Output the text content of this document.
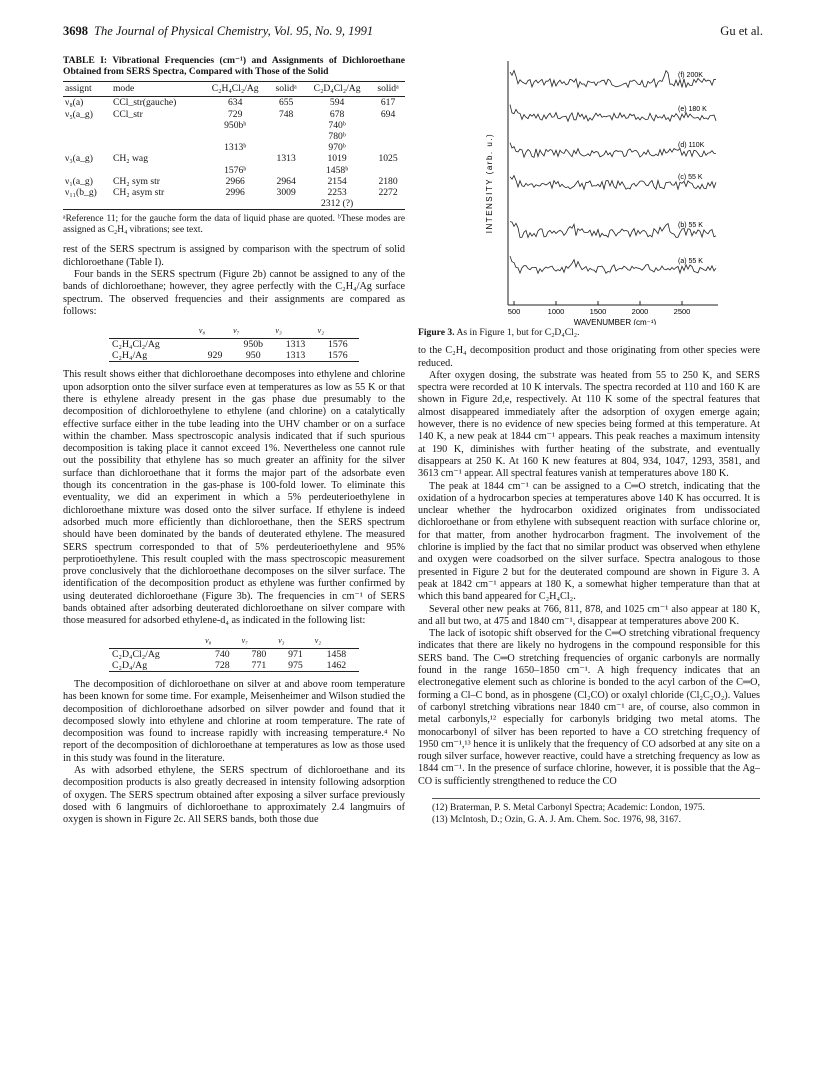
3698 The Journal of Physical Chemistry, Vol. 95, No. 9, 1991	Gu et al.
TABLE I: Vibrational Frequencies (cm⁻¹) and Assignments of Dichloroethane Obtained from SERS Spectra, Compared with Those of the Solid
assignt	mode	C₂H₄Cl₂/Ag	solidᵃ	C₂D₄Cl₂/Ag	solidᵃ
ν₈(a)	CCl_str(gauche)	634	655	594	617
ν₅(a_g)	CCl_str	729	748	678	694
		950bᵇ		740ᵇ	
				780ᵇ	
		1313ᵇ		970ᵇ	
ν₃(a_g)	CH₂ wag		1313	1019	1025
		1576ᵇ		1458ᵇ	
ν₁(a_g)	CH₂ sym str	2966	2964	2154	2180
ν₁₁(b_g)	CH₂ asym str	2996	3009	2253	2272
				2312 (?)	
ᵃReference 11; for the gauche form the data of liquid phase are quoted. ᵇThese modes are assigned as C₂H₄ vibrations; see text.

rest of the SERS spectrum is assigned by comparison with the spectrum of solid dichloroethane (Table I).

Four bands in the SERS spectrum (Figure 2b) cannot be assigned to any of the bands of dichloroethane; however, they agree perfectly with the C₂H₄/Ag surface spectrum. The observed frequencies and their assignments are compared as follows:

	ν₈	ν₇	ν₃	ν₂
C₂H₄Cl₂/Ag		950b	1313	1576
C₂H₄/Ag	929	950	1313	1576

This result shows either that dichloroethane decomposes into ethylene and chlorine upon adsorption onto the silver surface even at temperatures as low as 55 K or that there is ethylene already present in the gas phase due presumably to the decomposition of dichloroethylene to ethylene (and chlorine) on a catalytically effective surface either in the tube leading into the UHV chamber or on a surface within the chamber. Mass spectroscopic analysis indicated that if such spurious decomposition is taking place it cannot exceed 1%. Nevertheless one cannot rule out the possibility that ethylene has so much greater an affinity for the silver surface than dichloroethane that it forms the major part of the adsorbate even though its concentration in the gas-phase is 100-fold lower. To eliminate this eventuality, we did an experiment in which a 5% perdeuterioethylene in dichloroethane mixture was dosed onto the silver surface. If ethylene is indeed adsorbed much more efficiently than dichloroethane, then the SERS spectrum should have been dominated by the bands of deuterated ethylene. The measured SERS spectrum corresponded to that of 5% perdeuterioethylene and 95% perprotioethylene. This result coupled with the mass spectroscopic measurement prove conclusively that the dichloroethane decomposes on the silver surface. The identification of the decomposition product as ethylene was further confirmed by using deuterated dichloroethane (Figure 3b). The frequencies in cm⁻¹ of SERS bands obtained after adsorbing deuterated dichloroethane on silver compare with those measured for adsorbed ethylene-d₄ as indicated in the following list:

	ν₈	ν₇	ν₃	ν₂
C₂D₄Cl₂/Ag	740	780	971	1458
C₂D₄/Ag	728	771	975	1462

The decomposition of dichloroethane on silver at and above room temperature has been known for some time. For example, Meisenheimer and Wilson studied the decomposition of dichloroethane adsorbed on silver powder and found that it decomposed slowly into ethylene and chlorine at room temperature. The rate of decomposition was found to increase rapidly with increasing temperature.⁴ No report of the decomposition of dichloroethane at temperatures as low as those used in this study was found in the literature.

As with adsorbed ethylene, the SERS spectrum of dichloroethane and its decomposition products is also greatly decreased in intensity following adsorption of oxygen. The SERS spectrum obtained after exposing a silver surface previously dosed with 6 langmuirs of dichloroethane to approximately 2.4 langmuirs of oxygen is shown in Figure 2c. All SERS bands, both those due

500	1000	1500	2000	2500
INTENSITY (arb. u.)
WAVENUMBER (cm⁻¹)
(f) 200K
(e) 180 K
(d) 110K
(c) 55 K
(b) 55 K
(a) 55 K
Figure 3. As in Figure 1, but for C₂D₄Cl₂.

to the C₂H₄ decomposition product and those originating from other species were reduced.

After oxygen dosing, the substrate was heated from 55 to 250 K, and SERS spectra were recorded at 10 K intervals. The spectra recorded at 110 and 160 K are shown in Figure 2d,e, respectively. At 110 K some of the spectral features that almost disappeared immediately after the adsorption of oxygen emerge again; however, there is no evidence of new species being formed at this temperature. At 140 K, a new peak at 1844 cm⁻¹ appears. This peak reaches a maximum intensity at 190 K, diminishes with further heating of the substrate, and eventually disappears at 250 K. At 160 K new features at 804, 934, 1047, 1293, 3581, and 3613 cm⁻¹ appear. All spectral features vanish at temperatures above 180 K.

The peak at 1844 cm⁻¹ can be assigned to a C═O stretch, indicating that the oxidation of a hydrocarbon species at temperatures above 140 K has occurred. It is unclear whether the hydrocarbon oxidized originates from undissociated dichloroethane or from ethylene with subsequent reaction with surface chlorine or, for that matter, from another hydrocarbon fragment. The involvement of the chlorine is implied by the fact that no similar product was observed when ethylene and oxygen were coadsorbed on the silver surface. Spectra analogous to those presented in Figure 2 but for the deuterated compound are shown in Figure 3. A peak at 1842 cm⁻¹ appears at 180 K, a somewhat higher temperature than that at which this band appeared for C₂H₄Cl₂.

Several other new peaks at 766, 811, 878, and 1025 cm⁻¹ also appear at 180 K, and all but two, at 475 and 1840 cm⁻¹, disappear at temperatures above 200 K.

The lack of isotopic shift observed for the C═O stretching vibrational frequency indicates that there are likely no hydrogens in the compound responsible for this SERS band. The C═O stretching frequencies of organic carbonyls are normally found in the range 1650–1850 cm⁻¹. A high frequency indicates that an electronegative element such as chlorine is bonded to the acyl carbon of the C═O, forming a Cl–C bond, as in phosgene (Cl₂CO) or oxalyl chloride (Cl₂C₂O₂). Values of carbonyl stretching vibrations near 1840 cm⁻¹ are, of course, also common in metal carbonyls,¹² especially for carbonyls bridging two metal atoms. The monocarbonyl of silver has been reported to have a CO stretching frequency of 1950 cm⁻¹,¹³ hence it is unlikely that the frequency of CO adsorbed at any site on a rough silver surface, however reactive, could have a stretching frequency as low as 1844 cm⁻¹. In the presence of surface chlorine, however, it is possible that the Ag–CO is sufficiently strengthened to reduce the CO

(12) Braterman, P. S. Metal Carbonyl Spectra; Academic: London, 1975.
(13) McIntosh, D.; Ozin, G. A. J. Am. Chem. Soc. 1976, 98, 3167.
